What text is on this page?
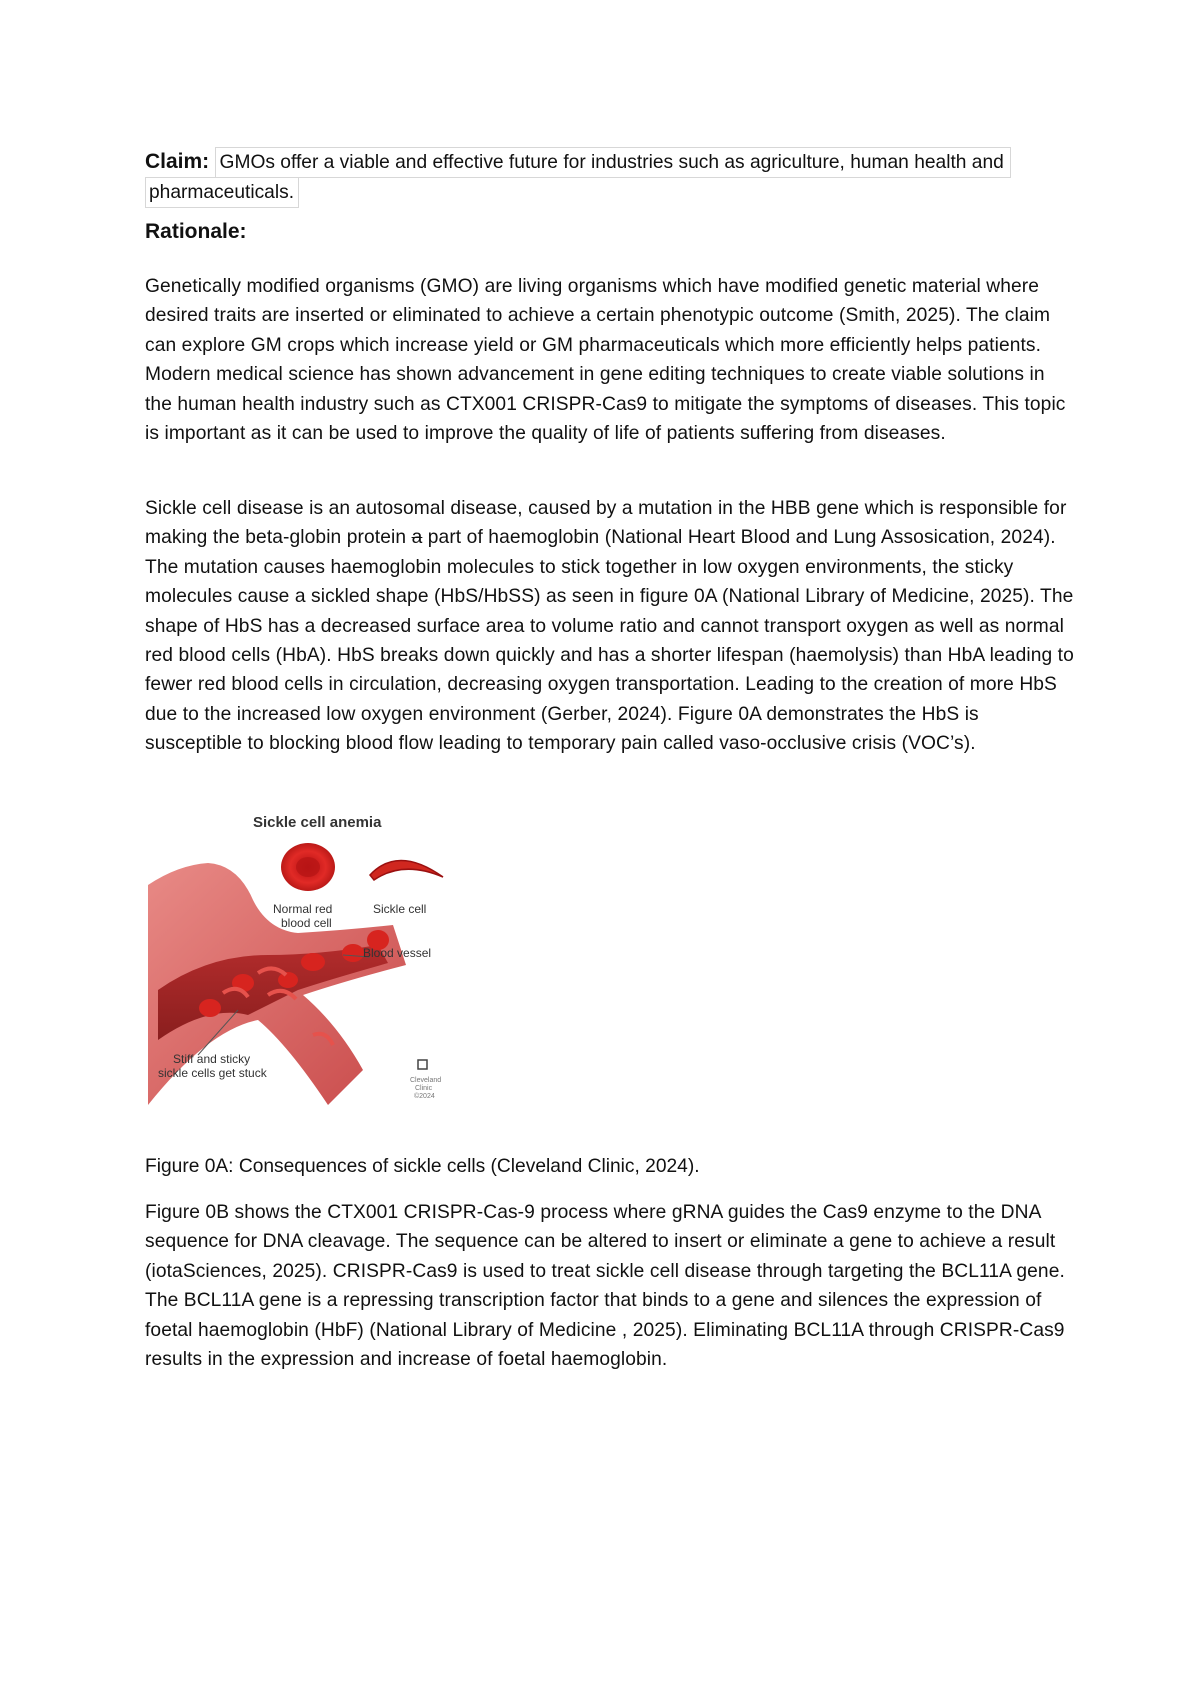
Claim: GMOs offer a viable and effective future for industries such as agriculture, human health and
pharmaceuticals.
Rationale:

Genetically modified organisms (GMO) are living organisms which have modified genetic material where desired traits are inserted or eliminated to achieve a certain phenotypic outcome (Smith, 2025). The claim can explore GM crops which increase yield or GM pharmaceuticals which more efficiently helps patients. Modern medical science has shown advancement in gene editing techniques to create viable solutions in the human health industry such as CTX001 CRISPR-Cas9 to mitigate the symptoms of diseases. This topic is important as it can be used to improve the quality of life of patients suffering from diseases.

Sickle cell disease is an autosomal disease, caused by a mutation in the HBB gene which is responsible for making the beta-globin protein a part of haemoglobin (National Heart Blood and Lung Assosication, 2024). The mutation causes haemoglobin molecules to stick together in low oxygen environments, the sticky molecules cause a sickled shape (HbS/HbSS) as seen in figure 0A (National Library of Medicine, 2025). The shape of HbS has a decreased surface area to volume ratio and cannot transport oxygen as well as normal red blood cells (HbA). HbS breaks down quickly and has a shorter lifespan (haemolysis) than HbA leading to fewer red blood cells in circulation, decreasing oxygen transportation. Leading to the creation of more HbS due to the increased low oxygen environment (Gerber, 2024). Figure 0A demonstrates the HbS is susceptible to blocking blood flow leading to temporary pain called vaso-occlusive crisis (VOC’s).

Sickle cell anemia
Normal red
blood cell
Sickle cell
Blood vessel
Stiff and sticky
sickle cells get stuck
Cleveland
Clinic
©2024
Figure 0A: Consequences of sickle cells (Cleveland Clinic, 2024).

Figure 0B shows the CTX001 CRISPR-Cas-9 process where gRNA guides the Cas9 enzyme to the DNA sequence for DNA cleavage. The sequence can be altered to insert or eliminate a gene to achieve a result (iotaSciences, 2025). CRISPR-Cas9 is used to treat sickle cell disease through targeting the BCL11A gene. The BCL11A gene is a repressing transcription factor that binds to a gene and silences the expression of foetal haemoglobin (HbF) (National Library of Medicine , 2025). Eliminating BCL11A through CRISPR-Cas9 results in the expression and increase of foetal haemoglobin.
